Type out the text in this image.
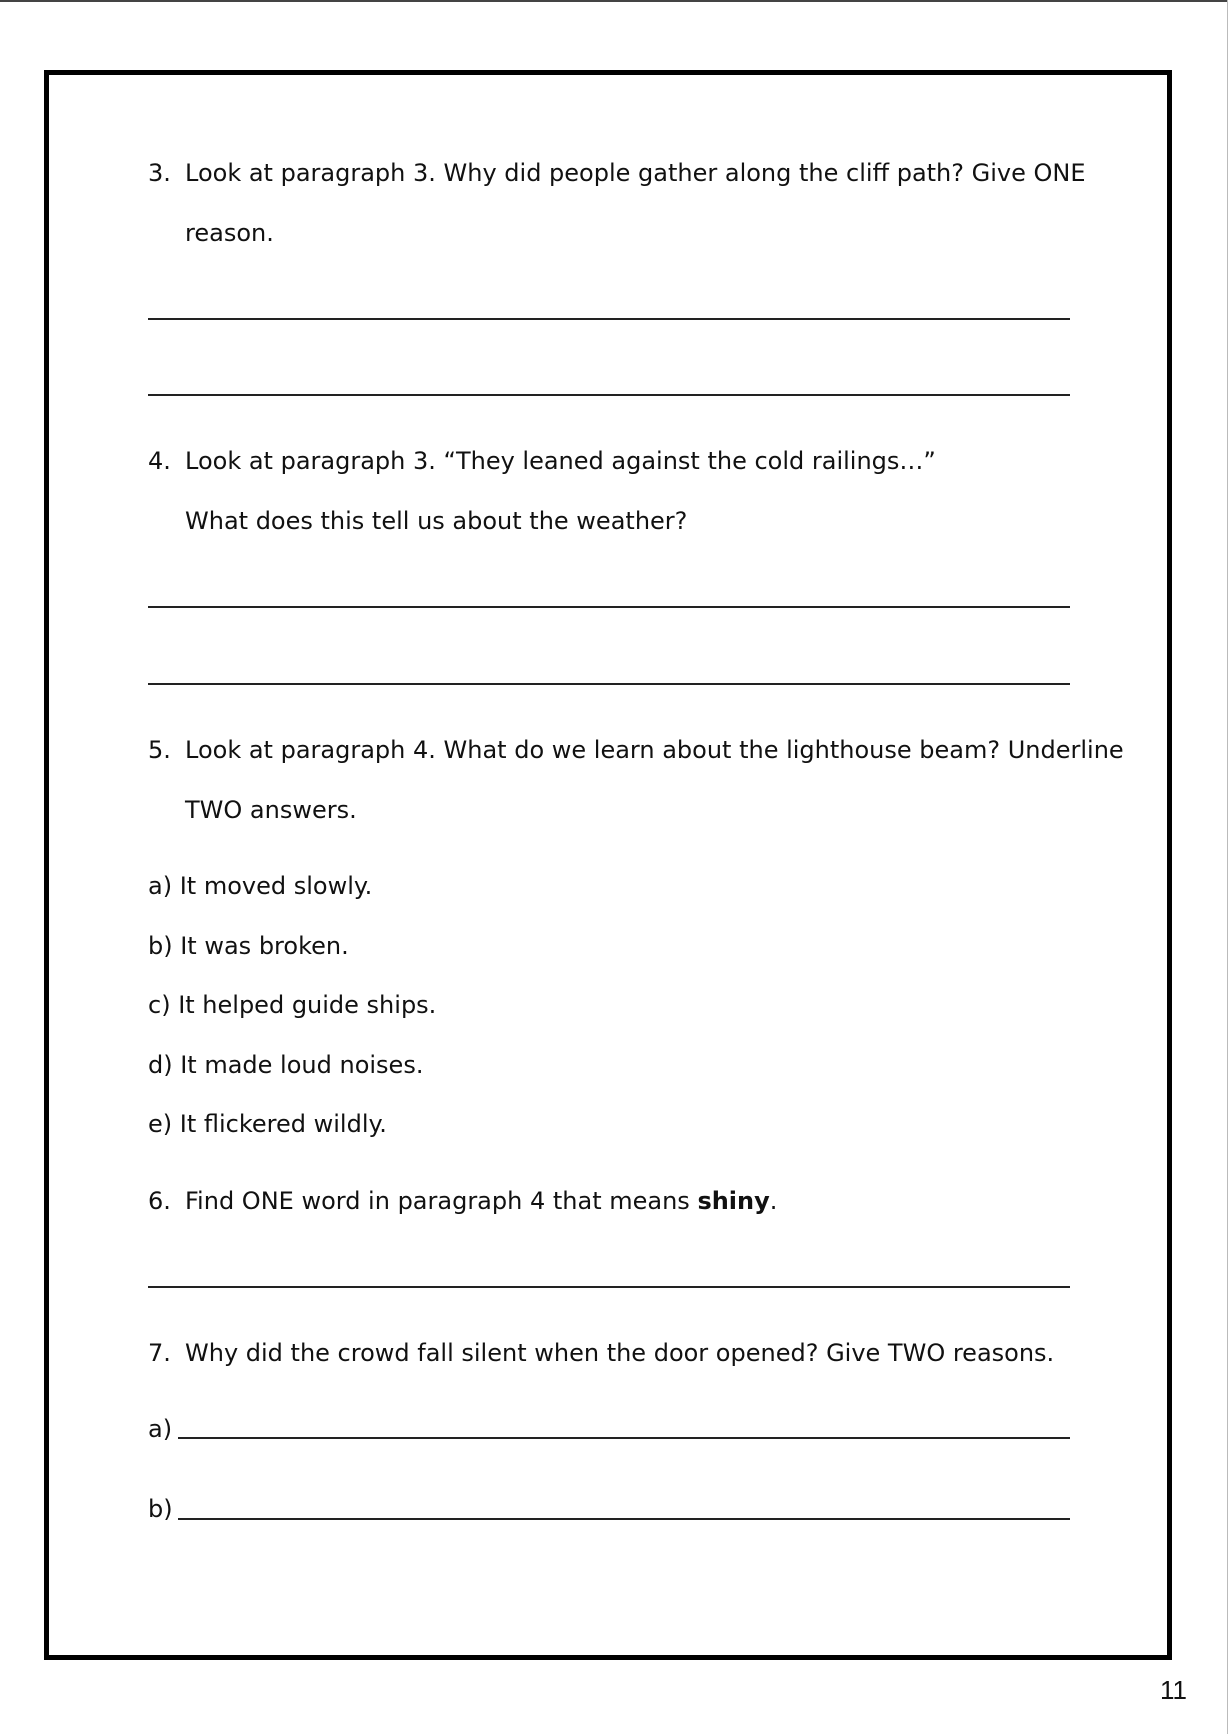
3. Look at paragraph 3. Why did people gather along the cliff path? Give ONE
reason.
4. Look at paragraph 3. “They leaned against the cold railings…”
What does this tell us about the weather?
5. Look at paragraph 4. What do we learn about the lighthouse beam? Underline
TWO answers.
a) It moved slowly.
b) It was broken.
c) It helped guide ships.
d) It made loud noises.
e) It flickered wildly.
6. Find ONE word in paragraph 4 that means shiny.
7. Why did the crowd fall silent when the door opened? Give TWO reasons.
a)
b)
11
